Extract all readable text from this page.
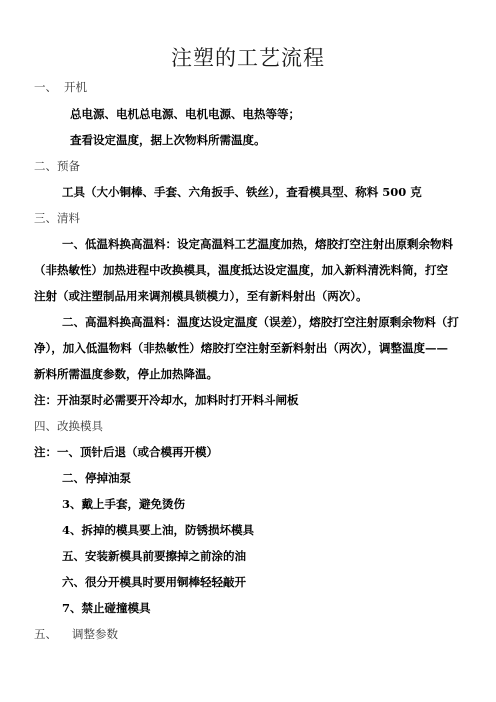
注塑的工艺流程
一、 开机
总电源、电机总电源、电机电源、电热等等；
查看设定温度，据上次物料所需温度。
二、预备
工具（大小铜棒、手套、六角扳手、铁丝），查看模具型、称料 500 克
三、清料
一、低温料换高温料：设定高温料工艺温度加热，熔胶打空注射出原剩余物料
（非热敏性）加热进程中改换模具，温度抵达设定温度，加入新料清洗料筒，打空
注射（或注塑制品用来调剂模具锁模力），至有新料射出（两次）。
二、高温料换高温料：温度达设定温度（误差），熔胶打空注射原剩余物料（打
净），加入低温物料（非热敏性）熔胶打空注射至新料射出（两次），调整温度——
新料所需温度参数，停止加热降温。
注：开油泵时必需要开冷却水，加料时打开料斗闸板
四、改换模具
注：一、顶针后退（或合模再开模）
二、停掉油泵
3、戴上手套，避免烫伤
4、拆掉的模具要上油，防锈损坏模具
五、安装新模具前要擦掉之前涂的油
六、很分开模具时要用铜棒轻轻敲开
7、禁止碰撞模具
五、 调整参数
